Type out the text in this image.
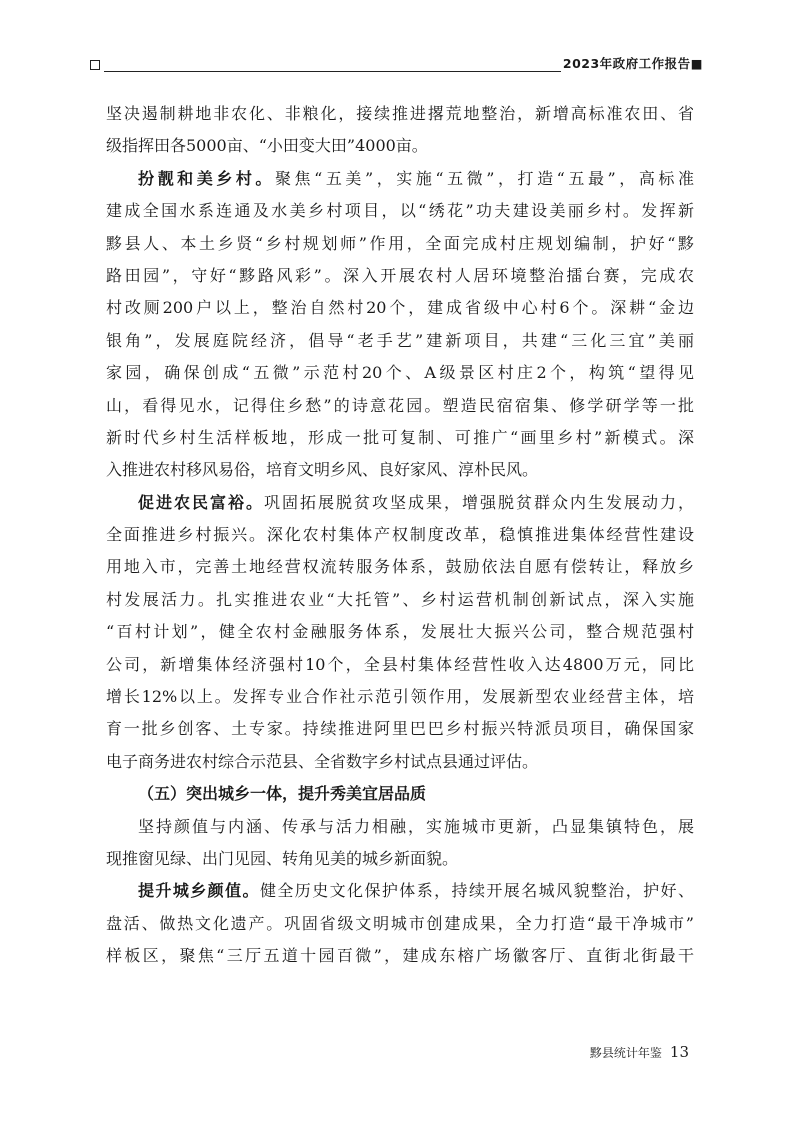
2023年政府工作报告■
坚决遏制耕地非农化、非粮化，接续推进撂荒地整治，新增高标准农田、省
级指挥田各5000亩、“小田变大田”4000亩。
扮靓和美乡村。聚焦“五美”，实施“五微”，打造“五最”，高标准
建成全国水系连通及水美乡村项目，以“绣花”功夫建设美丽乡村。发挥新
黟县人、本土乡贤“乡村规划师”作用，全面完成村庄规划编制，护好“黟
路田园”，守好“黟路风彩”。深入开展农村人居环境整治擂台赛，完成农
村改厕200户以上，整治自然村20个，建成省级中心村6个。深耕“金边
银角”，发展庭院经济，倡导“老手艺”建新项目，共建“三化三宜”美丽
家园，确保创成“五微”示范村20个、A级景区村庄2个，构筑“望得见
山，看得见水，记得住乡愁”的诗意花园。塑造民宿宿集、修学研学等一批
新时代乡村生活样板地，形成一批可复制、可推广“画里乡村”新模式。深
入推进农村移风易俗，培育文明乡风、良好家风、淳朴民风。
促进农民富裕。巩固拓展脱贫攻坚成果，增强脱贫群众内生发展动力，
全面推进乡村振兴。深化农村集体产权制度改革，稳慎推进集体经营性建设
用地入市，完善土地经营权流转服务体系，鼓励依法自愿有偿转让，释放乡
村发展活力。扎实推进农业“大托管”、乡村运营机制创新试点，深入实施
“百村计划”，健全农村金融服务体系，发展壮大振兴公司，整合规范强村
公司，新增集体经济强村10个，全县村集体经营性收入达4800万元，同比
增长12%以上。发挥专业合作社示范引领作用，发展新型农业经营主体，培
育一批乡创客、土专家。持续推进阿里巴巴乡村振兴特派员项目，确保国家
电子商务进农村综合示范县、全省数字乡村试点县通过评估。
（五）突出城乡一体，提升秀美宜居品质
坚持颜值与内涵、传承与活力相融，实施城市更新，凸显集镇特色，展
现推窗见绿、出门见园、转角见美的城乡新面貌。
提升城乡颜值。健全历史文化保护体系，持续开展名城风貌整治，护好、
盘活、做热文化遗产。巩固省级文明城市创建成果，全力打造“最干净城市”
样板区，聚焦“三厅五道十园百微”，建成东榕广场徽客厅、直街北街最干
黟县统计年鉴 13
